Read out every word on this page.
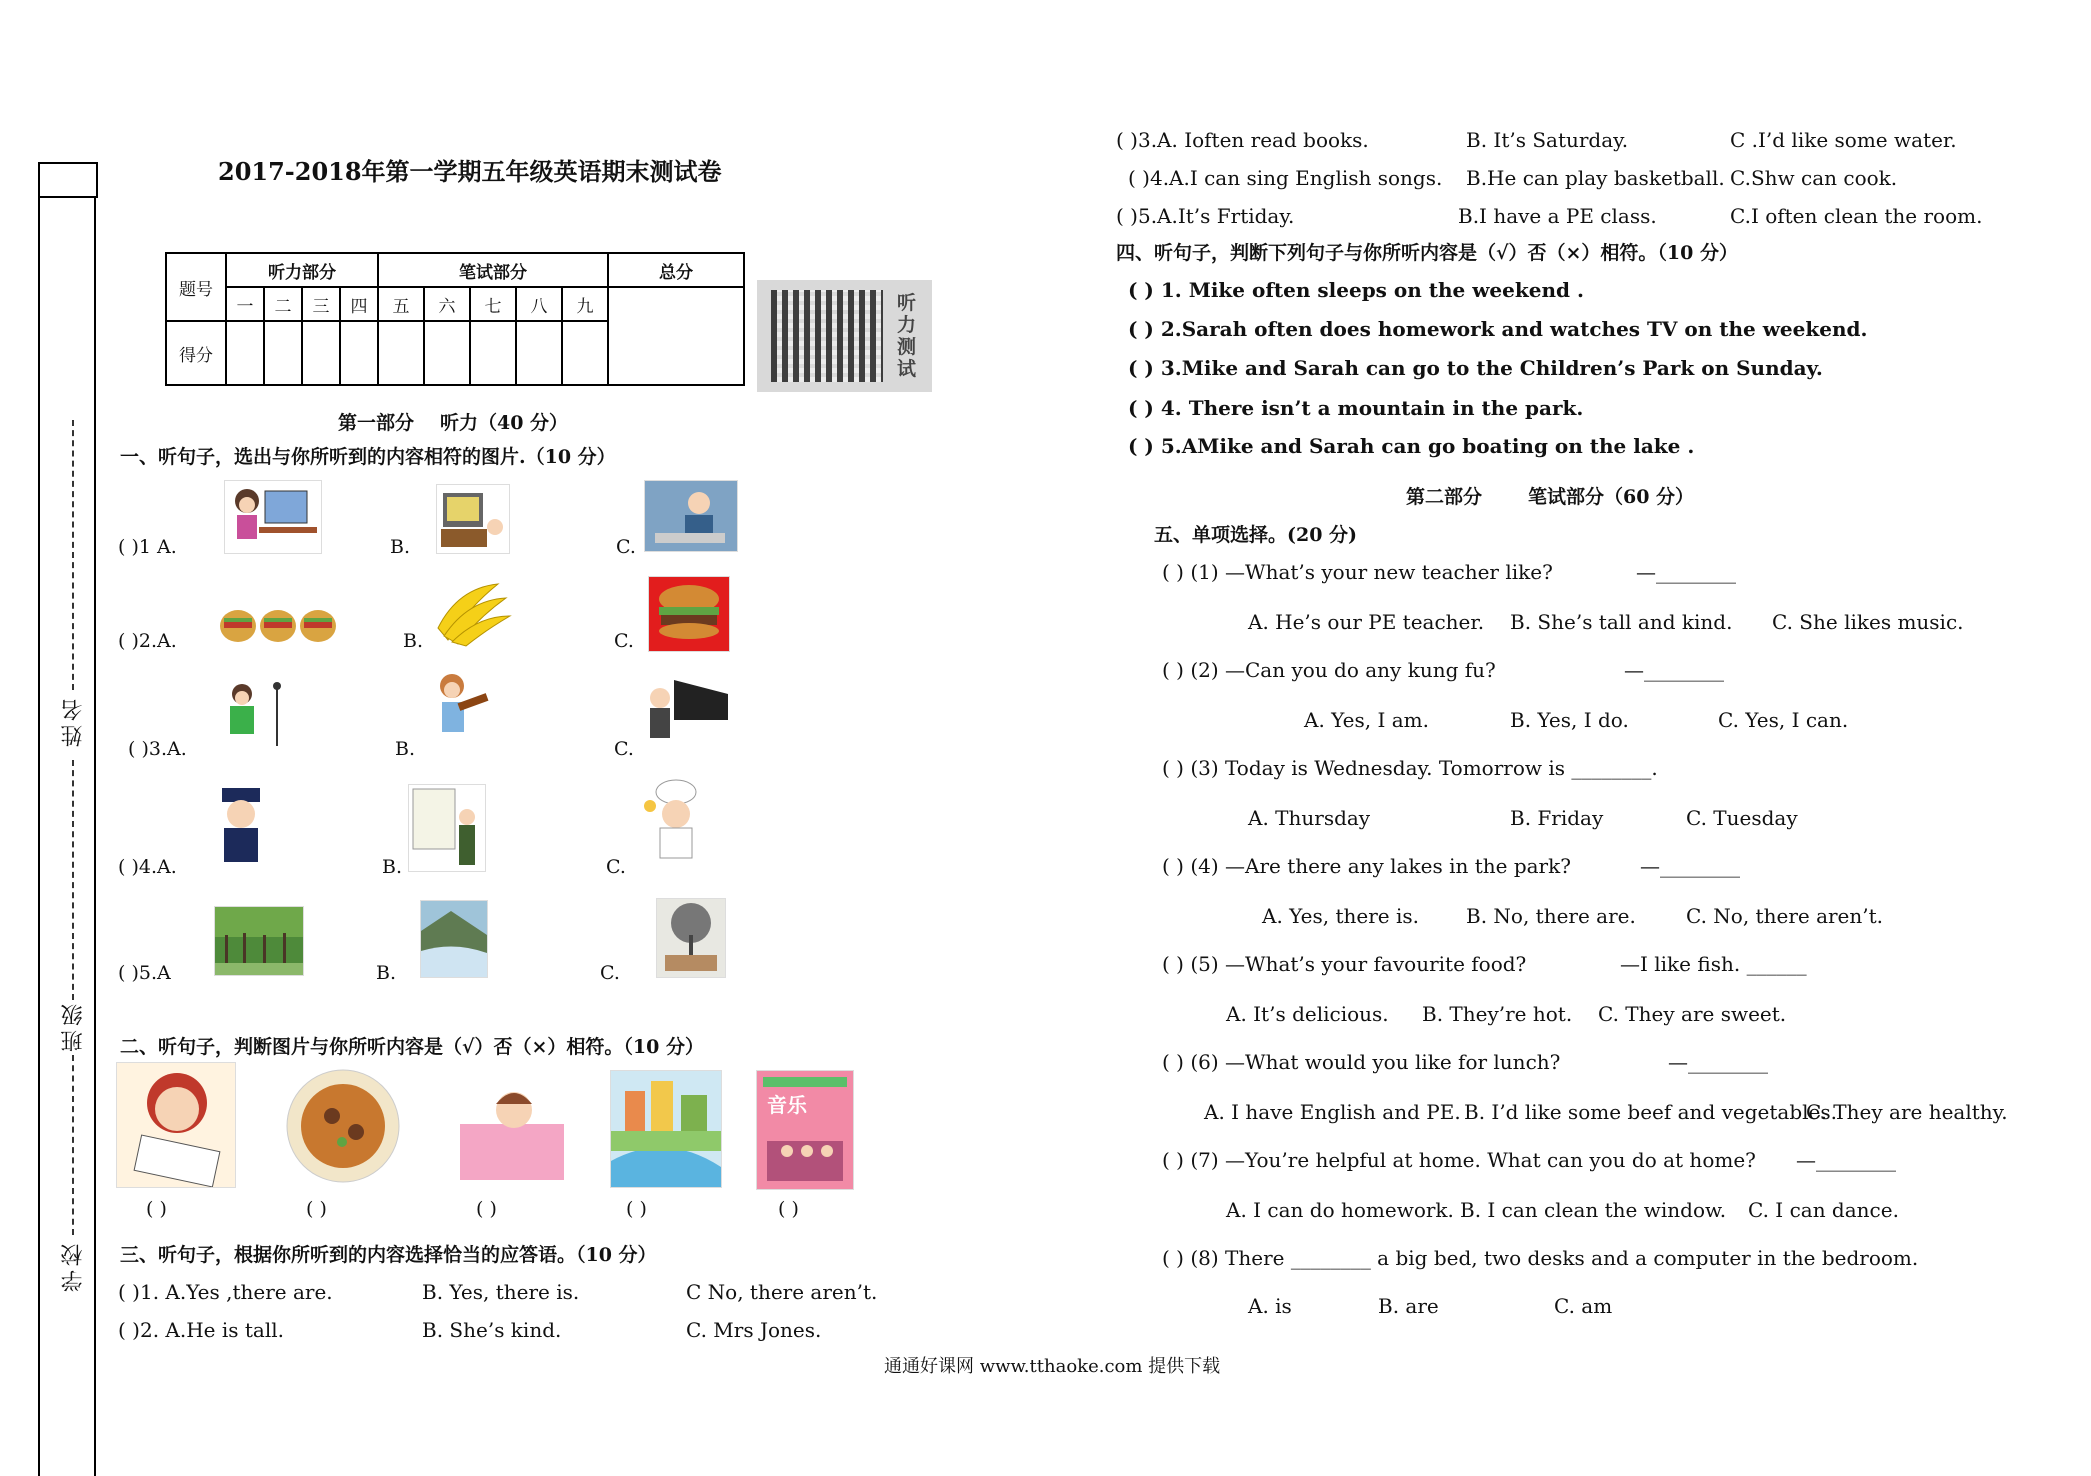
姓名
班级
学校
2017-2018年第一学期五年级英语期末测试卷
题号	听力部分				笔试部分					总分
	一	二	三	四	五	六	七	八	九	
得分										
听力测试
第一部分 听力（40 分）
一、听句子，选出与你所听到的内容相符的图片.（10 分）
( )1 A.	B.	C.
( )2.A.	B.	C.
( )3.A.	B.	C.
( )4.A.	B.	C.
( )5.A	B.	C.
二、听句子，判断图片与你所听内容是（√）否（×）相符。（10 分）
音乐
( )	( )	( )	( )	( )
三、听句子，根据你所听到的内容选择恰当的应答语。（10 分）
( )1. A.Yes ,there are.	B. Yes, there is.	C No, there aren’t.
( )2. A.He is tall.	B. She’s kind.	C. Mrs Jones.
( )3.A. Ioften read books.	B. It’s Saturday.	C .I’d like some water.
( )4.A.I can sing English songs. B.He can play basketball. C.Shw can cook.
( )5.A.It’s Frtiday.	B.I have a PE class.	C.I often clean the room.
四、听句子，判断下列句子与你所听内容是（√）否（×）相符。（10 分）
( ) 1. Mike often sleeps on the weekend .
( ) 2.Sarah often does homework and watches TV on the weekend.
( ) 3.Mike and Sarah can go to the Children’s Park on Sunday.
( ) 4. There isn’t a mountain in the park.
( ) 5.AMike and Sarah can go boating on the lake .
第二部分 笔试部分（60 分）
五、单项选择。(20 分)
( ) (1) —What’s your new teacher like?	—________
A. He’s our PE teacher. B. She’s tall and kind. C. She likes music.
( ) (2) —Can you do any kung fu?	—________
A. Yes, I am.	B. Yes, I do.	C. Yes, I can.
( ) (3) Today is Wednesday. Tomorrow is ________.
A. Thursday	B. Friday	C. Tuesday
( ) (4) —Are there any lakes in the park?	—________
A. Yes, there is. B. No, there are.	C. No, there aren’t.
( ) (5) —What’s your favourite food?	—I like fish. ______
A. It’s delicious. B. They’re hot. C. They are sweet.
( ) (6) —What would you like for lunch?	—________
A. I have English and PE. B. I’d like some beef and vegetables.
C. They are healthy.
( ) (7) —You’re helpful at home. What can you do at home? —________
A. I can do homework. B. I can clean the window. C. I can dance.
( ) (8) There ________ a big bed, two desks and a computer in the bedroom.
A. is	B. are	C. am
通通好课网 www.tthaoke.com 提供下载
